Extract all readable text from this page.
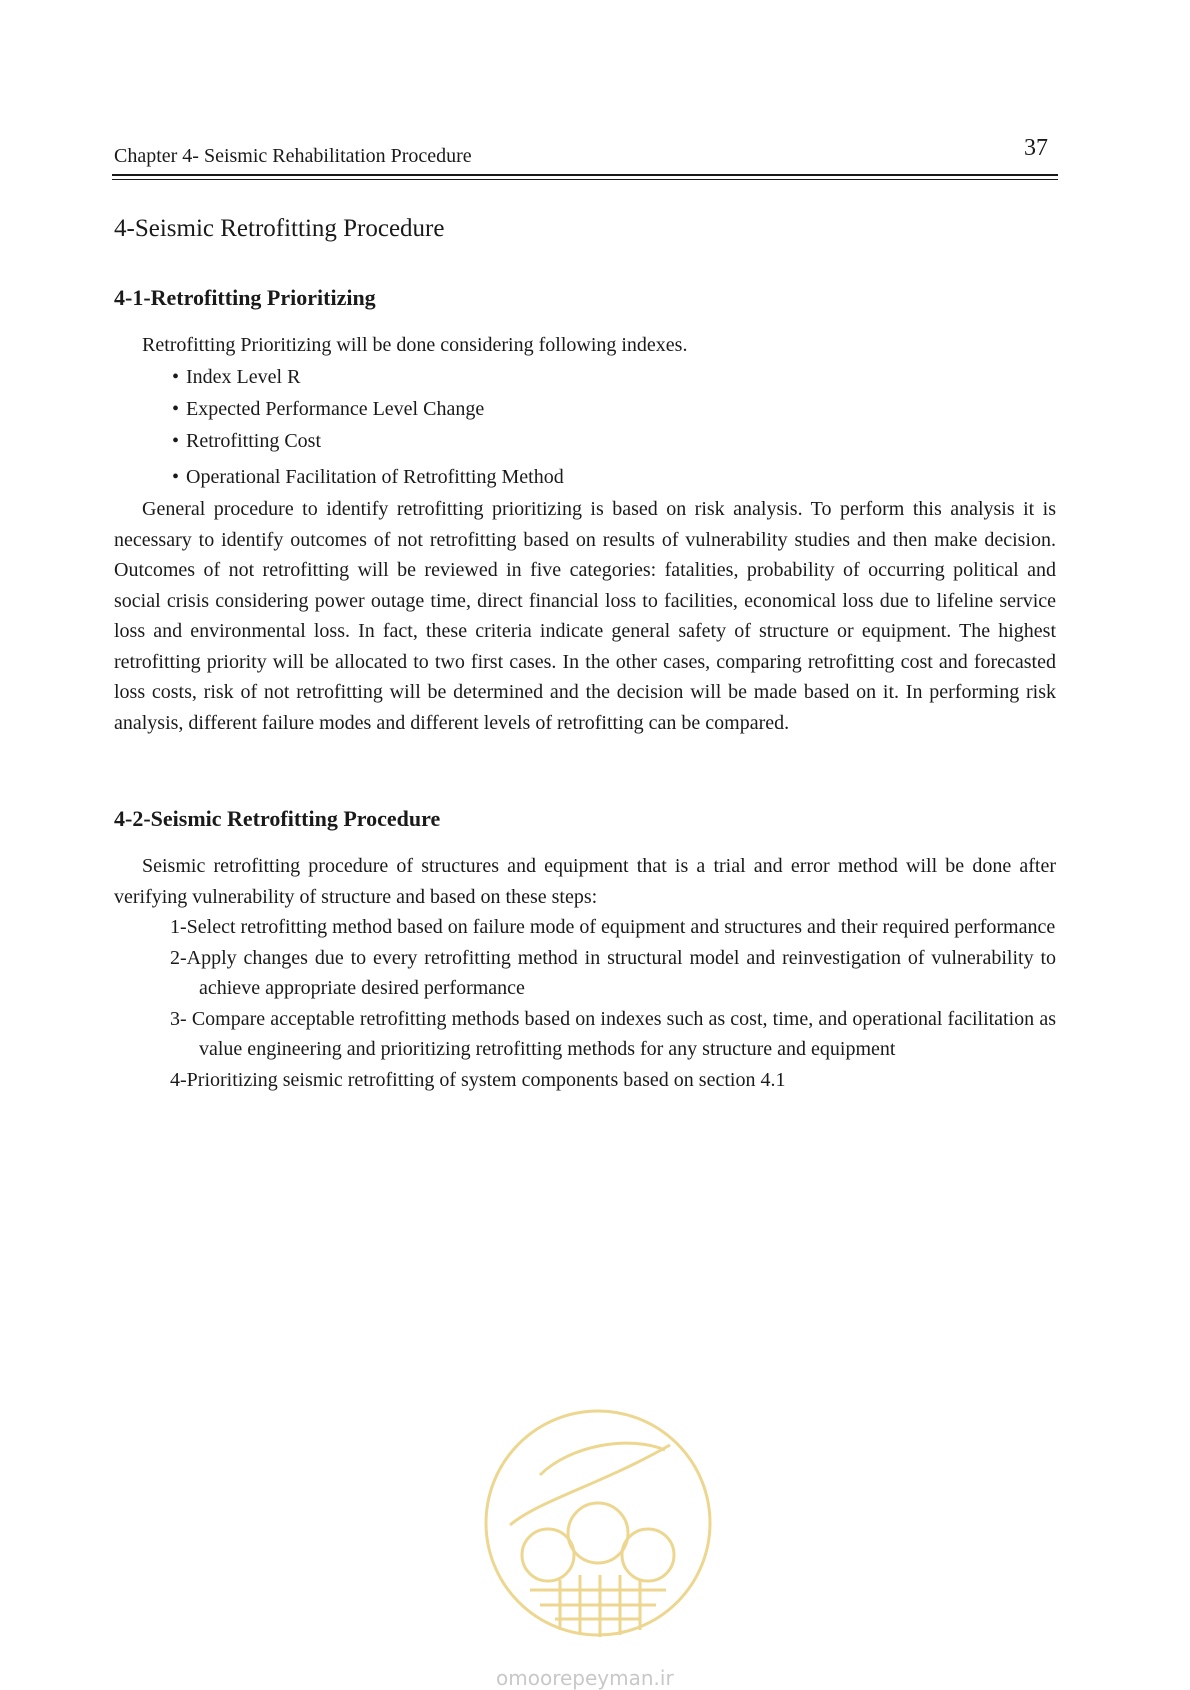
Chapter 4- Seismic Rehabilitation Procedure	37
4-Seismic Retrofitting Procedure
4-1-Retrofitting Prioritizing
Retrofitting Prioritizing will be done considering following indexes.
• Index Level R
• Expected Performance Level Change
• Retrofitting Cost
• Operational Facilitation of Retrofitting Method
General procedure to identify retrofitting prioritizing is based on risk analysis. To perform this analysis it is necessary to identify outcomes of not retrofitting based on results of vulnerability studies and then make decision. Outcomes of not retrofitting will be reviewed in five categories: fatalities, probability of occurring political and social crisis considering power outage time, direct financial loss to facilities, economical loss due to lifeline service loss and environmental loss. In fact, these criteria indicate general safety of structure or equipment. The highest retrofitting priority will be allocated to two first cases. In the other cases, comparing retrofitting cost and forecasted loss costs, risk of not retrofitting will be determined and the decision will be made based on it. In performing risk analysis, different failure modes and different levels of retrofitting can be compared.
4-2-Seismic Retrofitting Procedure
Seismic retrofitting procedure of structures and equipment that is a trial and error method will be done after verifying vulnerability of structure and based on these steps:
1-Select retrofitting method based on failure mode of equipment and structures and their required performance
2-Apply changes due to every retrofitting method in structural model and reinvestigation of vulnerability to achieve appropriate desired performance
3- Compare acceptable retrofitting methods based on indexes such as cost, time, and operational facilitation as value engineering and prioritizing retrofitting methods for any structure and equipment
4-Prioritizing seismic retrofitting of system components based on section 4.1
omoorepeyman.ir
